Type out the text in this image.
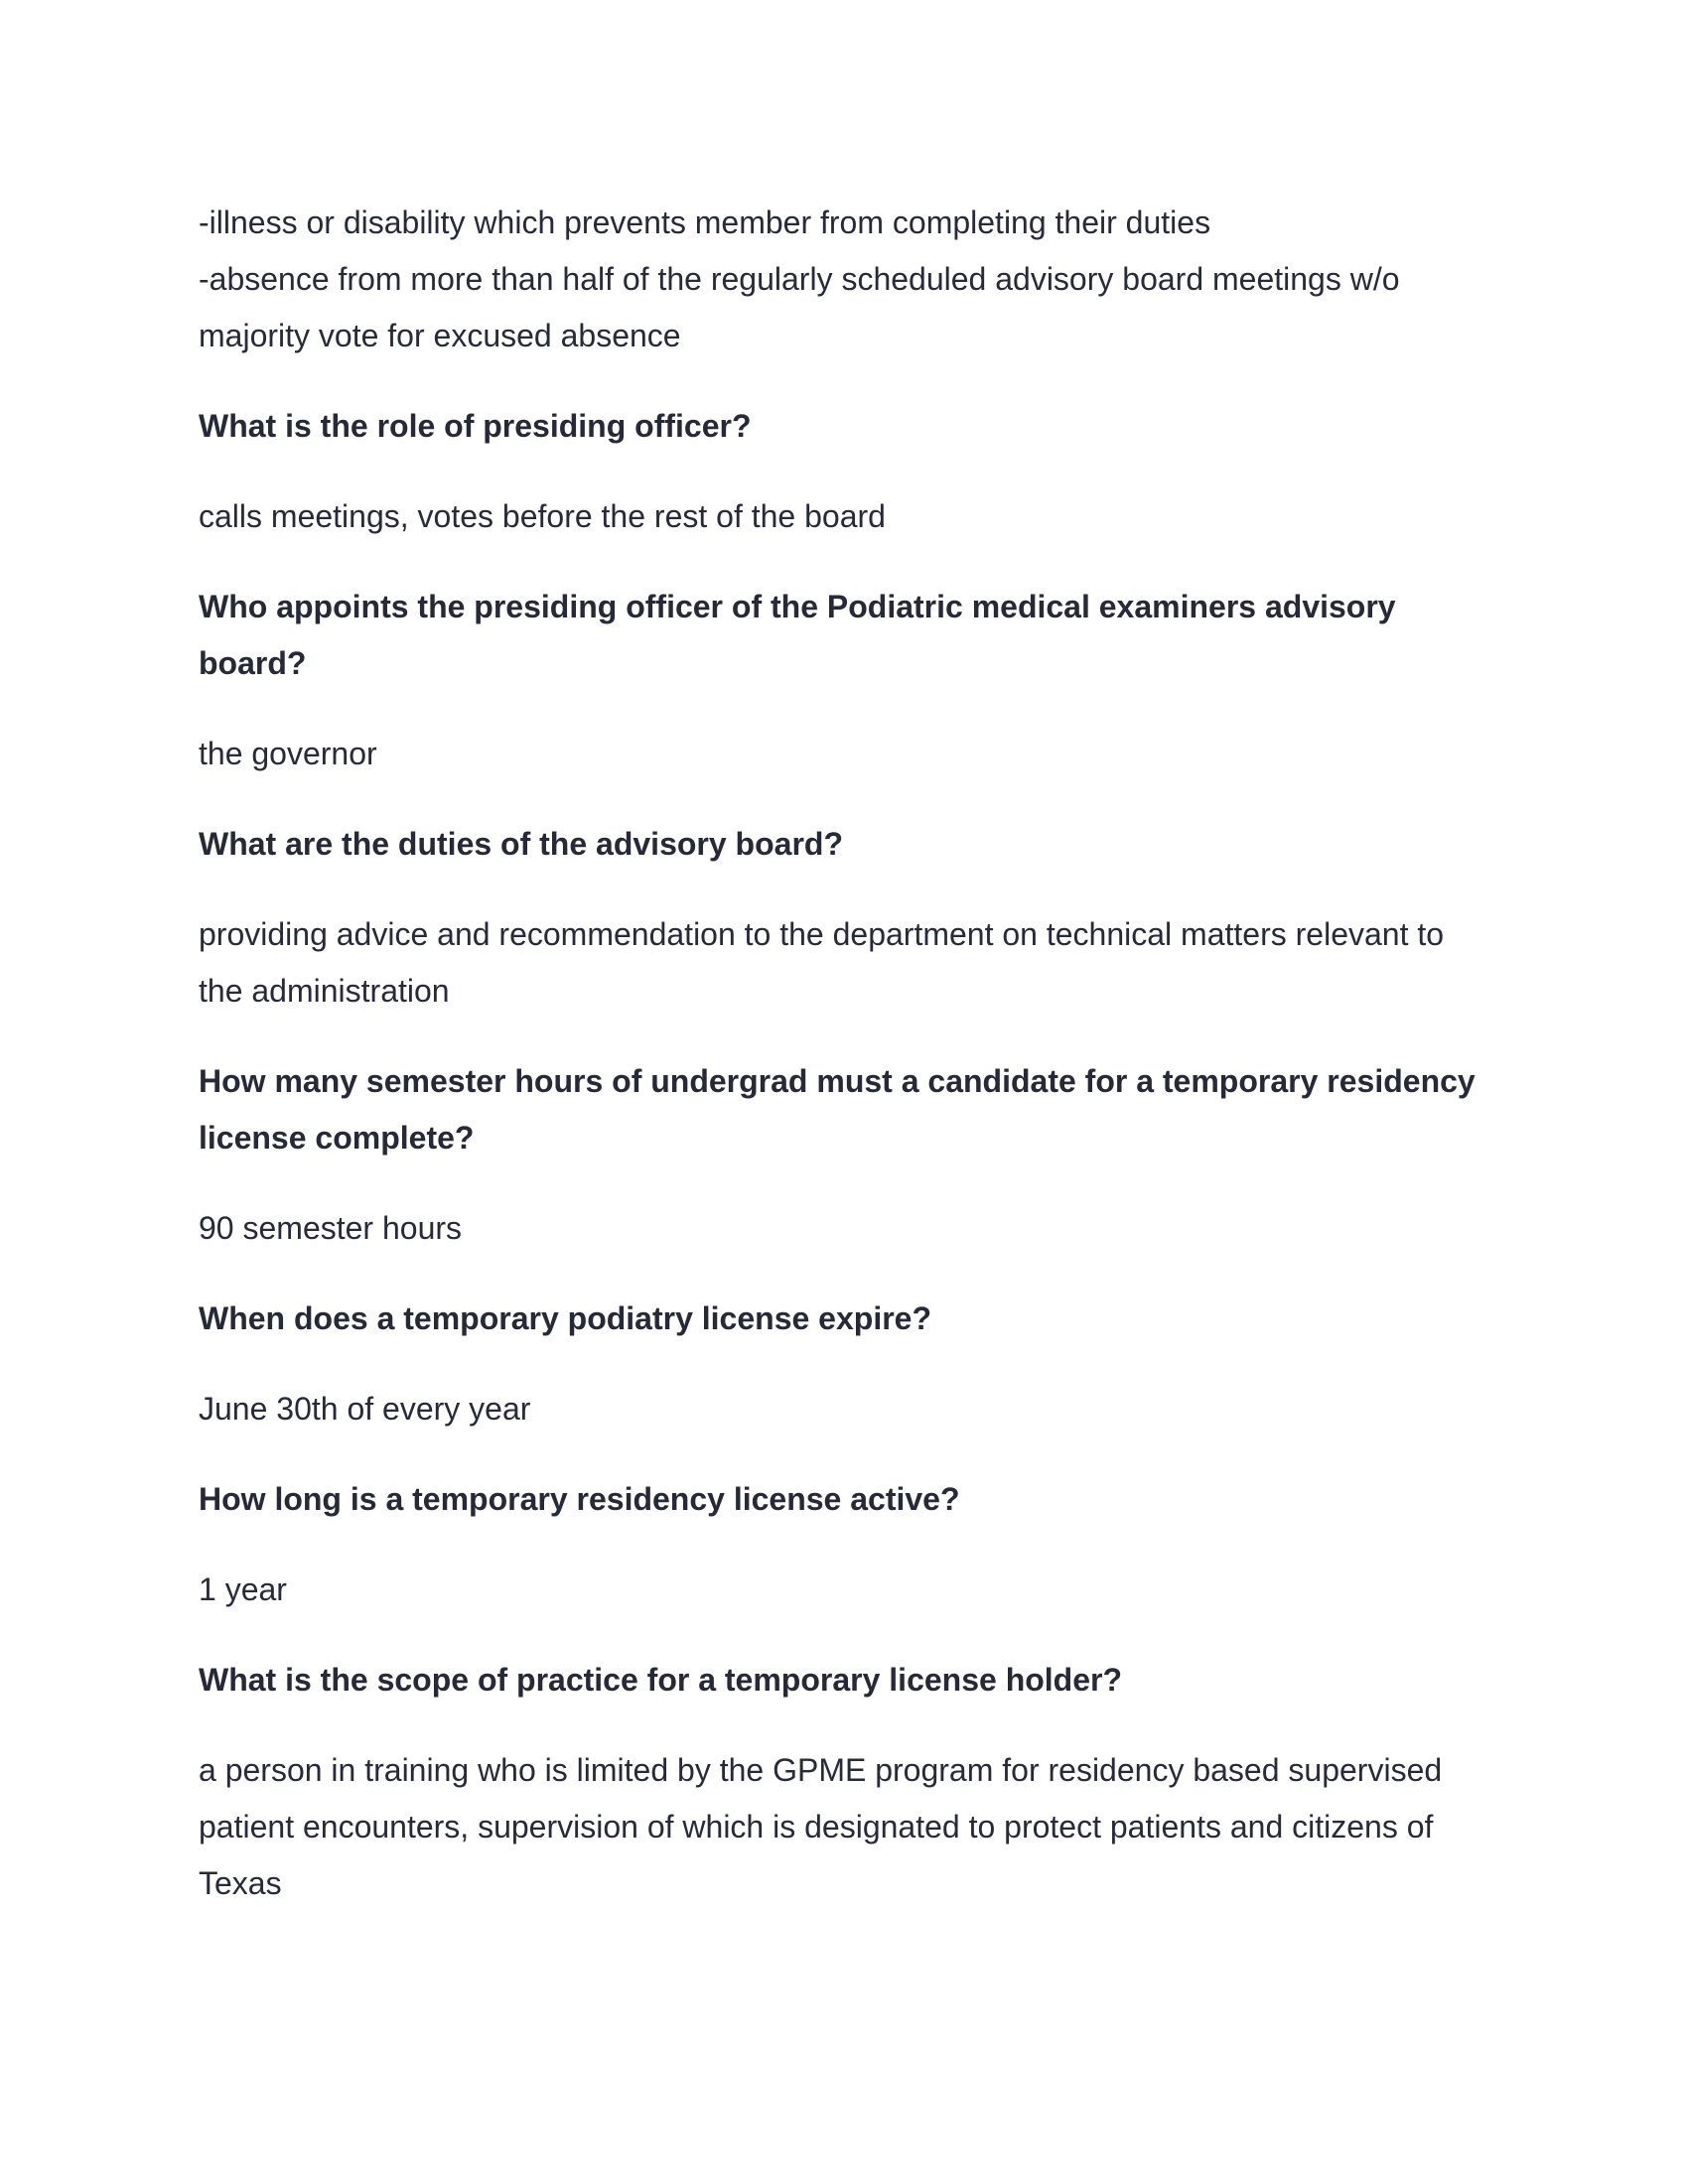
-illness or disability which prevents member from completing their duties

-absence from more than half of the regularly scheduled advisory board meetings w/o majority vote for excused absence

What is the role of presiding officer?

calls meetings, votes before the rest of the board

Who appoints the presiding officer of the Podiatric medical examiners advisory board?

the governor

What are the duties of the advisory board?

providing advice and recommendation to the department on technical matters relevant to the administration

How many semester hours of undergrad must a candidate for a temporary residency license complete?

90 semester hours

When does a temporary podiatry license expire?

June 30th of every year

How long is a temporary residency license active?

1 year

What is the scope of practice for a temporary license holder?

a person in training who is limited by the GPME program for residency based supervised patient encounters, supervision of which is designated to protect patients and citizens of Texas
